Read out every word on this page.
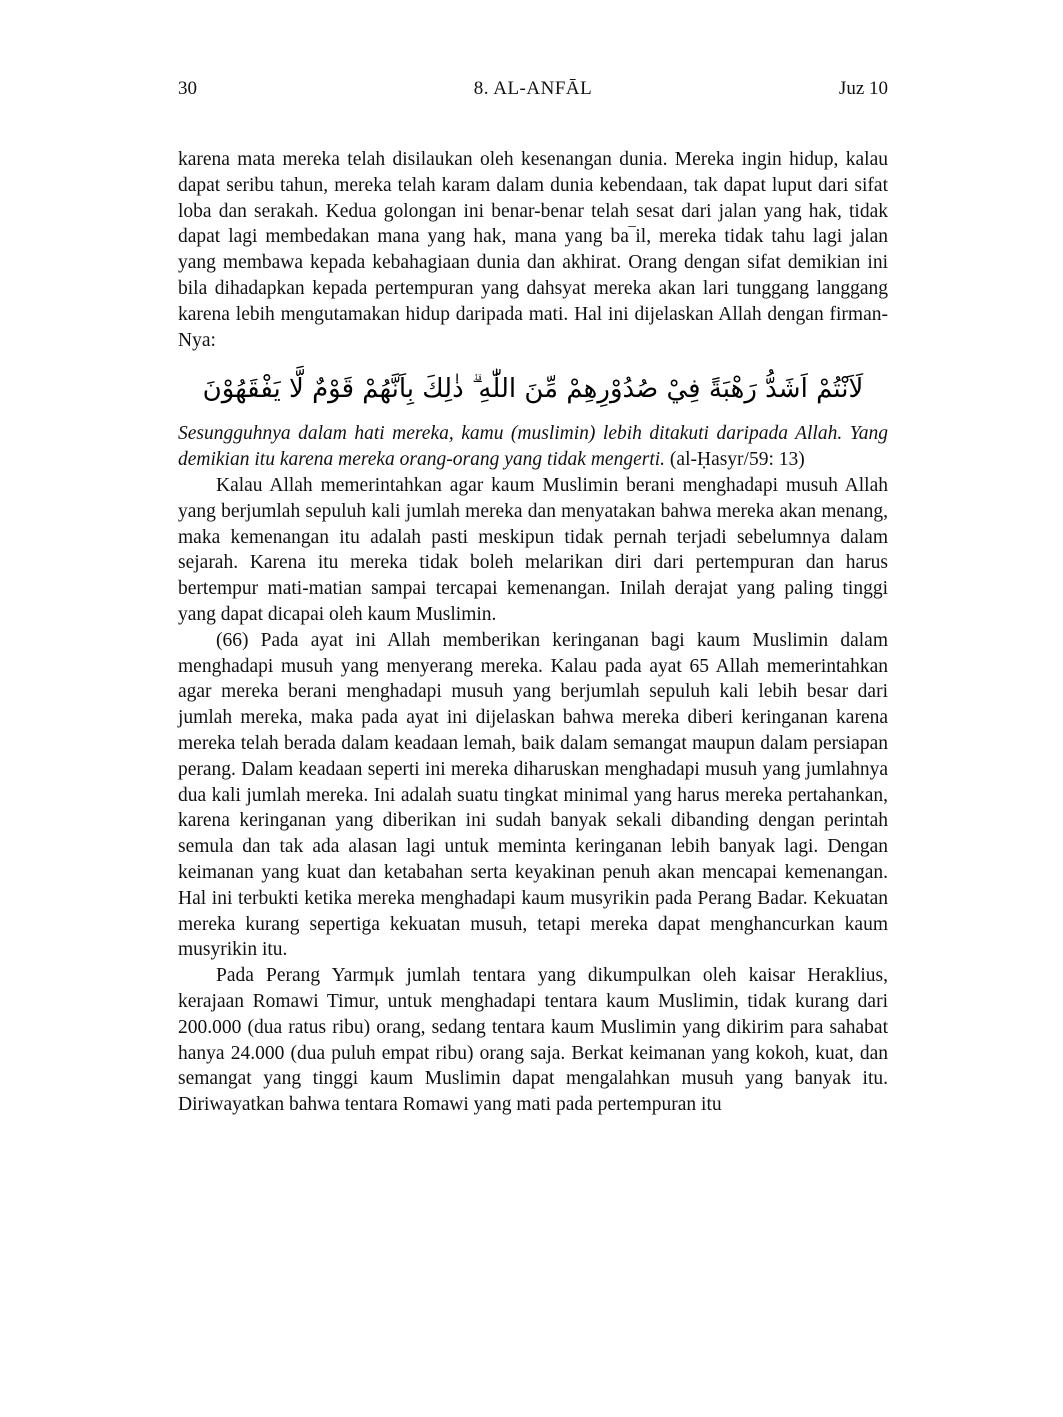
30	8. AL-ANFĀL	Juz 10

karena mata mereka telah disilaukan oleh kesenangan dunia. Mereka ingin hidup, kalau dapat seribu tahun, mereka telah karam dalam dunia kebendaan, tak dapat luput dari sifat loba dan serakah. Kedua golongan ini benar-benar telah sesat dari jalan yang hak, tidak dapat lagi membedakan mana yang hak, mana yang ba‾il, mereka tidak tahu lagi jalan yang membawa kepada kebahagiaan dunia dan akhirat. Orang dengan sifat demikian ini bila dihadapkan kepada pertempuran yang dahsyat mereka akan lari tunggang langgang karena lebih mengutamakan hidup daripada mati. Hal ini dijelaskan Allah dengan firman-Nya:

لَاَنْتُمْ اَشَدُّ رَهْبَةً فِيْ صُدُوْرِهِمْ مِّنَ اللّٰهِ ۗ ذٰلِكَ بِاَنَّهُمْ قَوْمٌ لَّا يَفْقَهُوْنَ

Sesungguhnya dalam hati mereka, kamu (muslimin) lebih ditakuti daripada Allah. Yang demikian itu karena mereka orang-orang yang tidak mengerti. (al-Ḥasyr/59: 13)

Kalau Allah memerintahkan agar kaum Muslimin berani menghadapi musuh Allah yang berjumlah sepuluh kali jumlah mereka dan menyatakan bahwa mereka akan menang, maka kemenangan itu adalah pasti meskipun tidak pernah terjadi sebelumnya dalam sejarah. Karena itu mereka tidak boleh melarikan diri dari pertempuran dan harus bertempur mati-matian sampai tercapai kemenangan. Inilah derajat yang paling tinggi yang dapat dicapai oleh kaum Muslimin.

(66) Pada ayat ini Allah memberikan keringanan bagi kaum Muslimin dalam menghadapi musuh yang menyerang mereka. Kalau pada ayat 65 Allah memerintahkan agar mereka berani menghadapi musuh yang berjumlah sepuluh kali lebih besar dari jumlah mereka, maka pada ayat ini dijelaskan bahwa mereka diberi keringanan karena mereka telah berada dalam keadaan lemah, baik dalam semangat maupun dalam persiapan perang. Dalam keadaan seperti ini mereka diharuskan menghadapi musuh yang jumlahnya dua kali jumlah mereka. Ini adalah suatu tingkat minimal yang harus mereka pertahankan, karena keringanan yang diberikan ini sudah banyak sekali dibanding dengan perintah semula dan tak ada alasan lagi untuk meminta keringanan lebih banyak lagi. Dengan keimanan yang kuat dan ketabahan serta keyakinan penuh akan mencapai kemenangan. Hal ini terbukti ketika mereka menghadapi kaum musyrikin pada Perang Badar. Kekuatan mereka kurang sepertiga kekuatan musuh, tetapi mereka dapat menghancurkan kaum musyrikin itu.

Pada Perang Yarmμk jumlah tentara yang dikumpulkan oleh kaisar Heraklius, kerajaan Romawi Timur, untuk menghadapi tentara kaum Muslimin, tidak kurang dari 200.000 (dua ratus ribu) orang, sedang tentara kaum Muslimin yang dikirim para sahabat hanya 24.000 (dua puluh empat ribu) orang saja. Berkat keimanan yang kokoh, kuat, dan semangat yang tinggi kaum Muslimin dapat mengalahkan musuh yang banyak itu. Diriwayatkan bahwa tentara Romawi yang mati pada pertempuran itu
